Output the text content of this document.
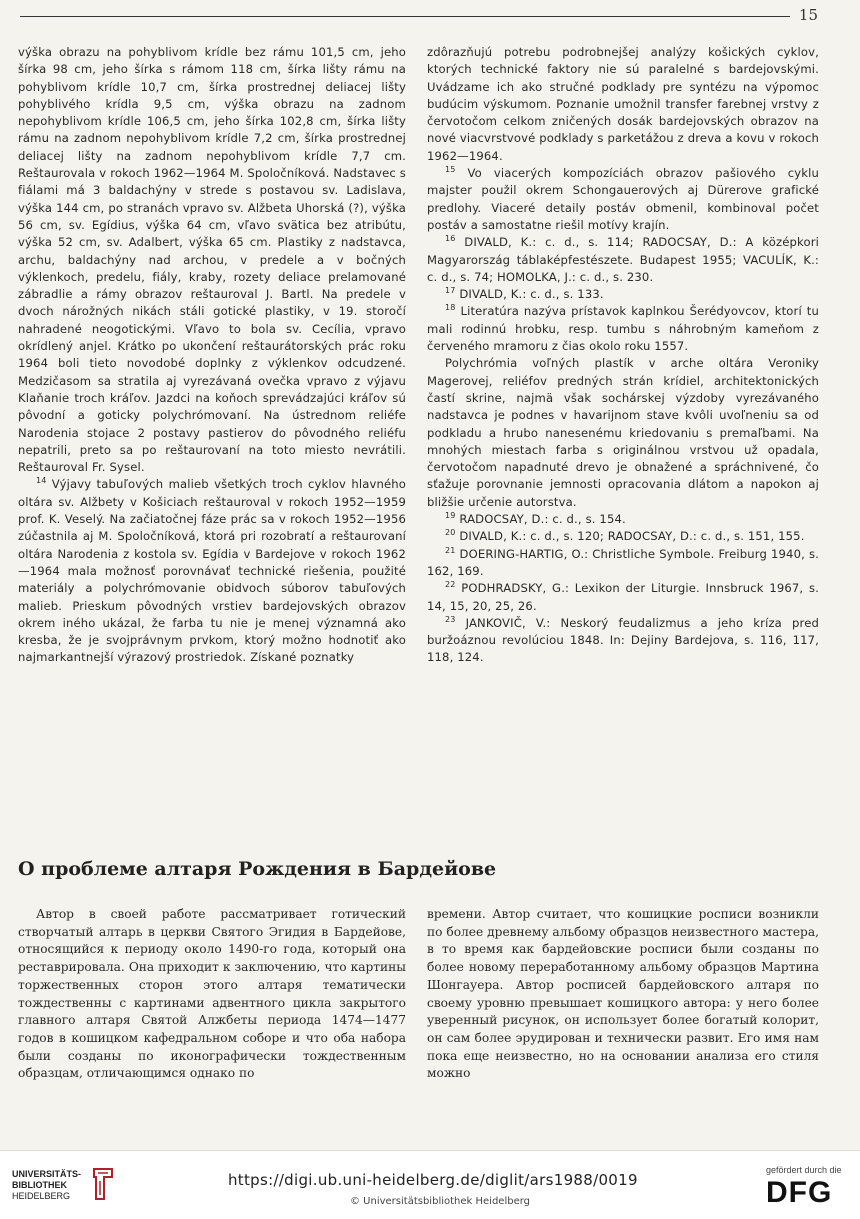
15

výška obrazu na pohyblivom krídle bez rámu 101,5 cm, jeho šírka 98 cm, jeho šírka s rámom 118 cm, šírka lišty rámu na pohyblivom krídle 10,7 cm, šírka prostrednej deliacej lišty pohyblivého krídla 9,5 cm, výška obrazu na zadnom nepohyblivom krídle 106,5 cm, jeho šírka 102,8 cm, šírka lišty rámu na zadnom nepohyblivom krídle 7,2 cm, šírka prostrednej deliacej lišty na zadnom nepohyblivom krídle 7,7 cm. Reštaurovala v rokoch 1962—1964 M. Spoločníková. Nadstavec s fiálami má 3 baldachýny v strede s postavou sv. Ladislava, výška 144 cm, po stranách vpravo sv. Alžbeta Uhorská (?), výška 56 cm, sv. Egídius, výška 64 cm, vľavo svätica bez atribútu, výška 52 cm, sv. Adalbert, výška 65 cm. Plastiky z nadstavca, archu, baldachýny nad archou, v predele a v bočných výklenkoch, predelu, fiály, kraby, rozety deliace prelamované zábradlie a rámy obrazov reštauroval J. Bartl. Na predele v dvoch nárožných nikách stáli gotické plastiky, v 19. storočí nahradené neogotickými. Vľavo to bola sv. Cecília, vpravo okrídlený anjel. Krátko po ukončení reštaurátorských prác roku 1964 boli tieto novodobé doplnky z výklenkov odcudzené. Medzičasom sa stratila aj vyrezávaná ovečka vpravo z výjavu Klaňanie troch kráľov. Jazdci na koňoch sprevádzajúci kráľov sú pôvodní a goticky polychrómovaní. Na ústrednom reliéfe Narodenia stojace 2 postavy pastierov do pôvodného reliéfu nepatrili, preto sa po reštaurovaní na toto miesto nevrátili. Reštauroval Fr. Sysel.

$^{14}$ Výjavy tabuľových malieb všetkých troch cyklov hlavného oltára sv. Alžbety v Košiciach reštauroval v rokoch 1952—1959 prof. K. Veselý. Na začiatočnej fáze prác sa v rokoch 1952—1956 zúčastnila aj M. Spoločníková, ktorá pri rozobratí a reštaurovaní oltára Narodenia z kostola sv. Egídia v Bardejove v rokoch 1962—1964 mala možnosť porovnávať technické riešenia, použité materiály a polychrómovanie obidvoch súborov tabuľových malieb. Prieskum pôvodných vrstiev bardejovských obrazov okrem iného ukázal, že farba tu nie je menej významná ako kresba, že je svojprávnym prvkom, ktorý možno hodnotiť ako najmarkantnejší výrazový prostriedok. Získané poznatky

zdôrazňujú potrebu podrobnejšej analýzy košických cyklov, ktorých technické faktory nie sú paralelné s bardejovskými. Uvádzame ich ako stručné podklady pre syntézu na výpomoc budúcim výskumom. Poznanie umožnil transfer farebnej vrstvy z červotočom celkom zničených dosák bardejovských obrazov na nové viacvrstvové podklady s parketážou z dreva a kovu v rokoch 1962—1964.

$^{15}$ Vo viacerých kompozíciách obrazov pašiového cyklu majster použil okrem Schongauerových aj Dürerove grafické predlohy. Viaceré detaily postáv obmenil, kombinoval počet postáv a samostatne riešil motívy krajín.

$^{16}$ DIVALD, K.: c. d., s. 114; RADOCSAY, D.: A középkori Magyarország táblaképfestészete. Budapest 1955; VACULÍK, K.: c. d., s. 74; HOMOLKA, J.: c. d., s. 230.

$^{17}$ DIVALD, K.: c. d., s. 133.

$^{18}$ Literatúra nazýva prístavok kaplnkou Šerédyovcov, ktorí tu mali rodinnú hrobku, resp. tumbu s náhrobným kameňom z červeného mramoru z čias okolo roku 1557.

Polychrómia voľných plastík v arche oltára Veroniky Magerovej, reliéfov predných strán krídiel, architektonických častí skrine, najmä však sochárskej výzdoby vyrezávaného nadstavca je podnes v havarijnom stave kvôli uvoľneniu sa od podkladu a hrubo nanesenému kriedovaniu s premaľbami. Na mnohých miestach farba s originálnou vrstvou už opadala, červotočom napadnuté drevo je obnažené a spráchnivené, čo sťažuje porovnanie jemnosti opracovania dlátom a napokon aj bližšie určenie autorstva.

$^{19}$ RADOCSAY, D.: c. d., s. 154.

$^{20}$ DIVALD, K.: c. d., s. 120; RADOCSAY, D.: c. d., s. 151, 155.

$^{21}$ DOERING-HARTIG, O.: Christliche Symbole. Freiburg 1940, s. 162, 169.

$^{22}$ PODHRADSKY, G.: Lexikon der Liturgie. Innsbruck 1967, s. 14, 15, 20, 25, 26.

$^{23}$ JANKOVIČ, V.: Neskorý feudalizmus a jeho kríza pred buržoáznou revolúciou 1848. In: Dejiny Bardejova, s. 116, 117, 118, 124.

О проблеме алтаря Рождения в Бардейове

Автор в своей работе рассматривает готический створчатый алтарь в церкви Святого Эгидия в Бардейове, относящийся к периоду около 1490-го года, который она реставрировала. Она приходит к заключению, что картины торжественных сторон этого алтаря тематически тождественны с картинами адвентного цикла закрытого главного алтаря Святой Алжбеты периода 1474—1477 годов в кошицком кафедральном соборе и что оба набора были созданы по иконографически тождественным образцам, отличающимся однако по

времени. Автор считает, что кошицкие росписи возникли по более древнему альбому образцов неизвестного мастера, в то время как бардейовские росписи были созданы по более новому переработанному альбому образцов Мартина Шонгауера. Автор росписей бардейовского алтаря по своему уровню превышает кошицкого автора: у него более уверенный рисунок, он использует более богатый колорит, он сам более эрудирован и технически развит. Его имя нам пока еще неизвестно, но на основании анализа его стиля можно

UNIVERSITÄTS-
BIBLIOTHEK
HEIDELBERG
https://digi.ub.uni-heidelberg.de/diglit/ars1988/0019
© Universitätsbibliothek Heidelberg
gefördert durch die
DFG
